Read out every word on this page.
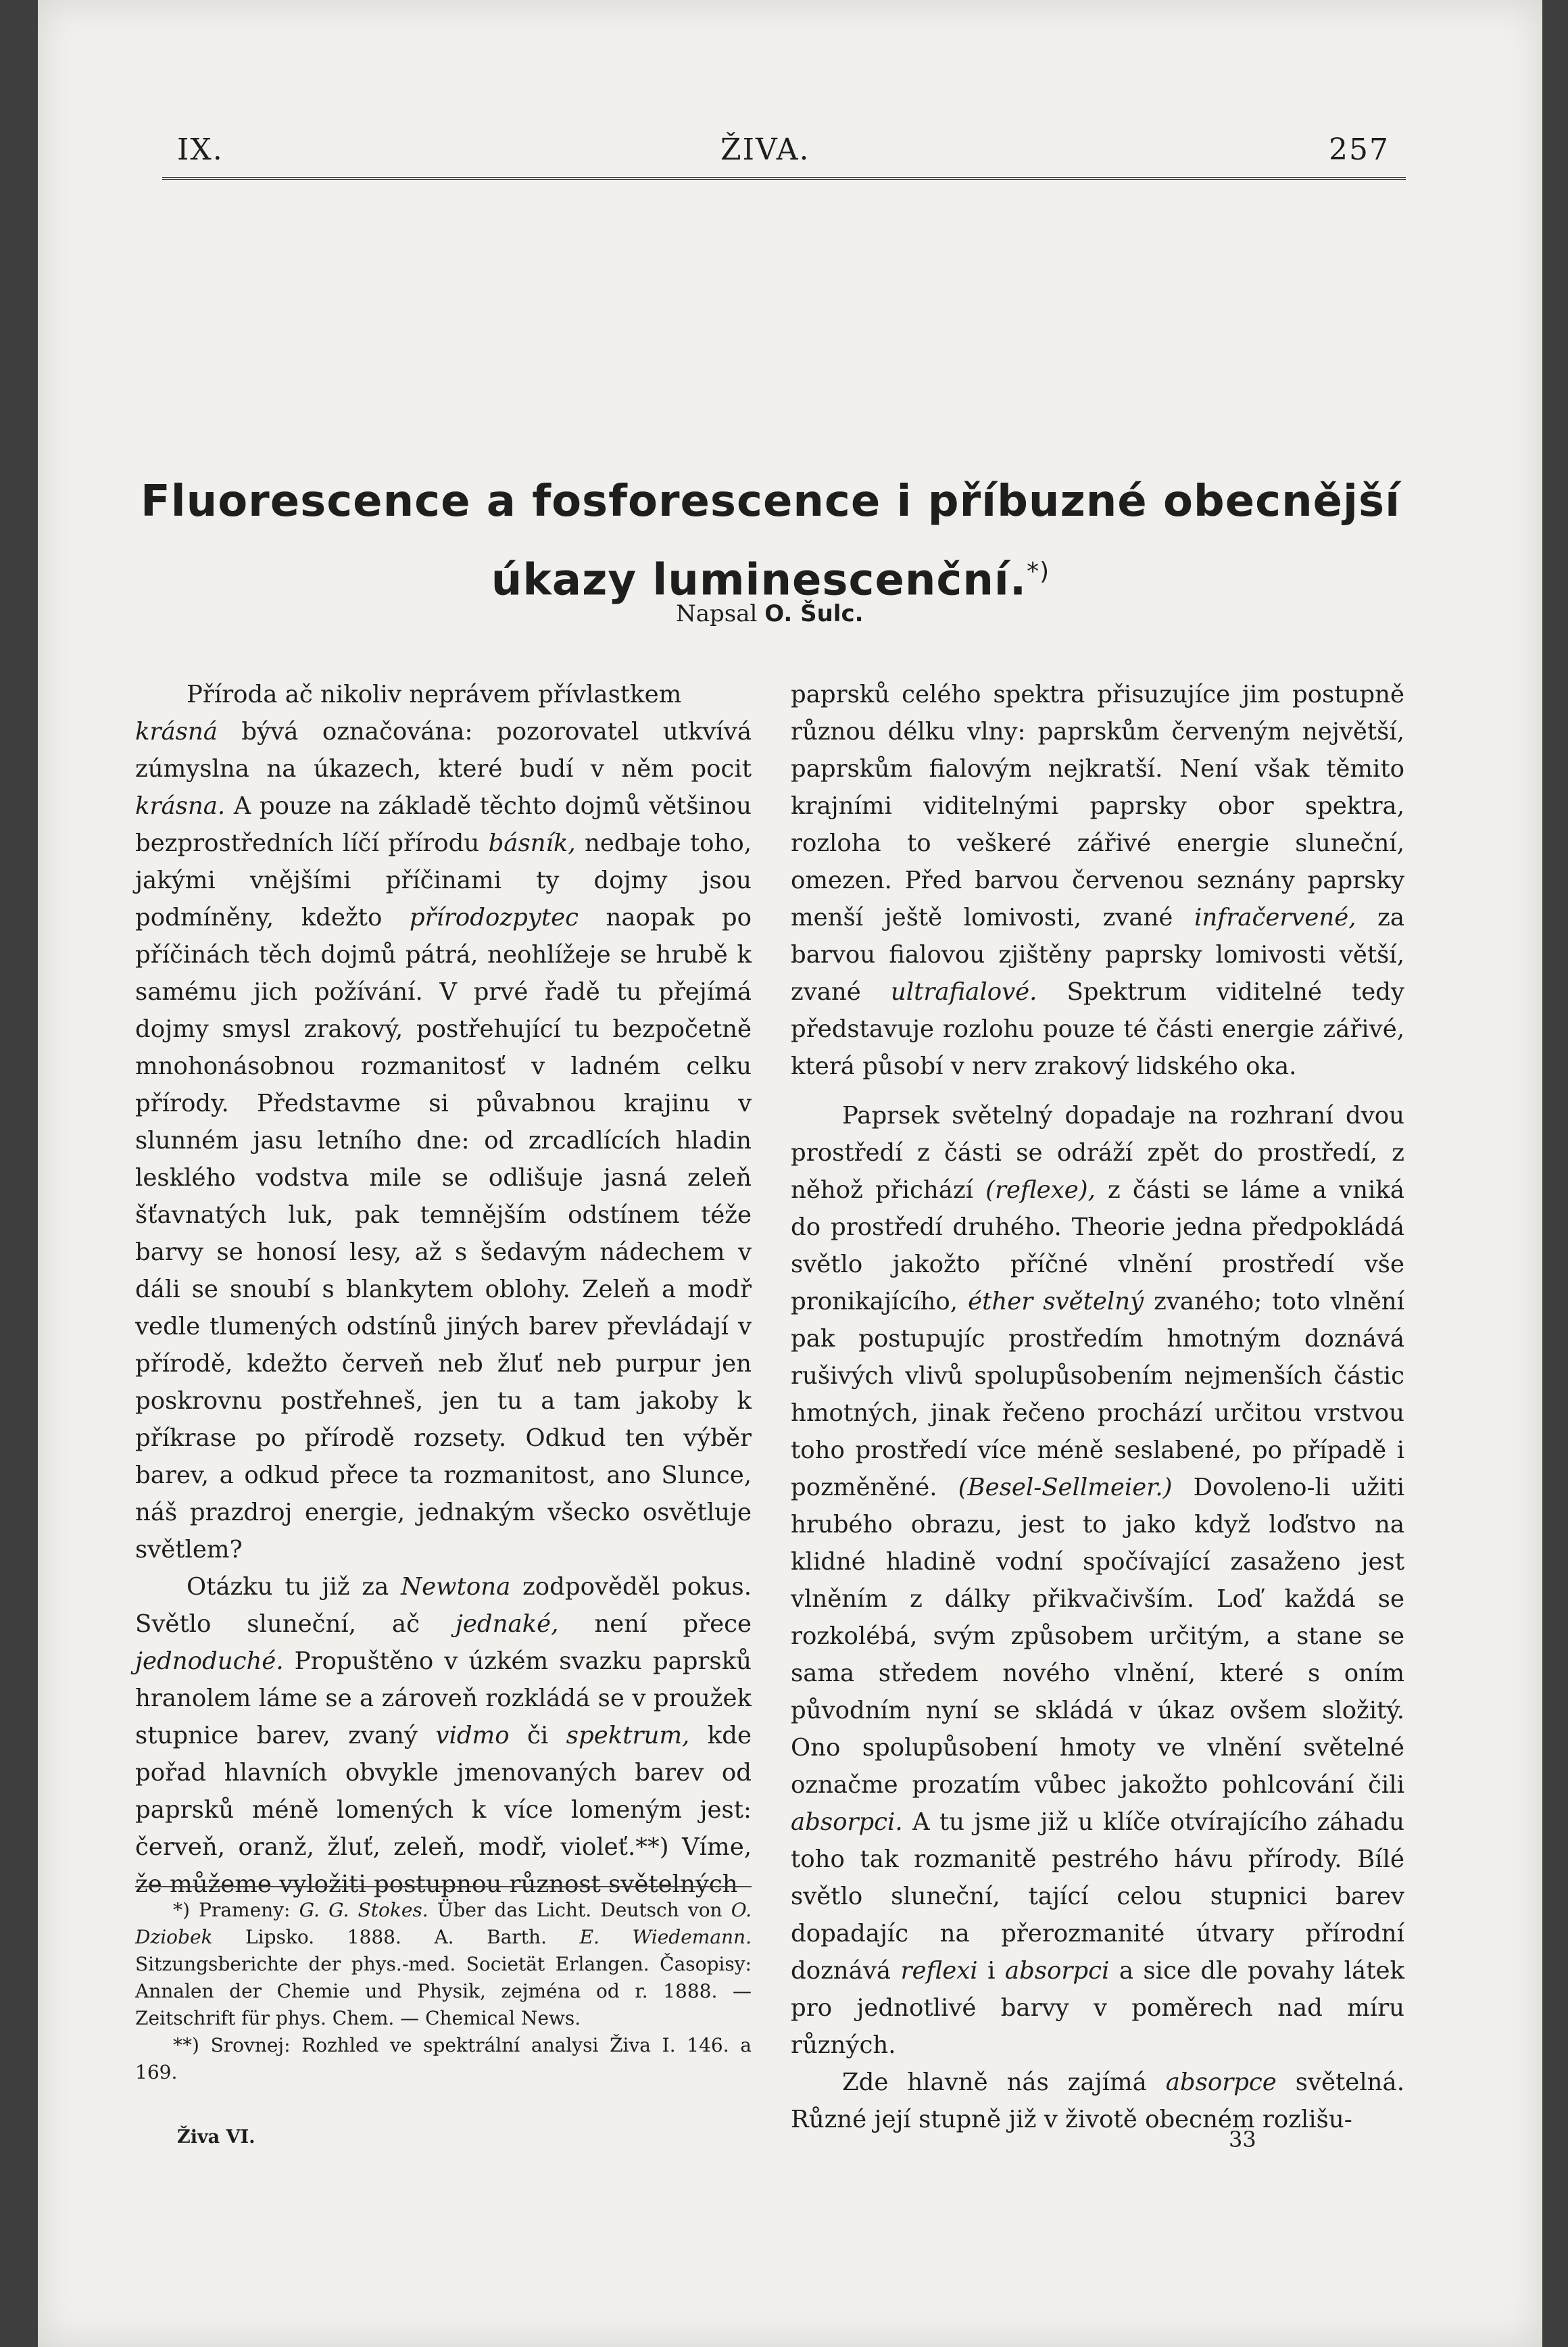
IX.	ŽIVA.	257
Fluorescence a fosforescence i příbuzné obecnější
úkazy luminescenční.*)
Napsal O. Šulc.

Příroda ač nikoliv neprávem přívlastkem
krásná bývá označována: pozorovatel utkvívá zúmyslna na úkazech, které budí v něm pocit krásna. A pouze na základě těchto dojmů většinou bezprostředních líčí přírodu básník, nedbaje toho, jakými vnějšími příčinami ty dojmy jsou podmíněny, kdežto přírodozpytec naopak po příčinách těch dojmů pátrá, neohlížeje se hrubě k samému jich požívání. V prvé řadě tu přejímá dojmy smysl zrakový, postřehující tu bezpočetně mnohonásobnou rozmanitosť v ladném celku přírody. Představme si půvabnou krajinu v slunném jasu letního dne: od zrcadlících hladin lesklého vodstva mile se odlišuje jasná zeleň šťavnatých luk, pak temnějším odstínem téže barvy se honosí lesy, až s šedavým nádechem v dáli se snoubí s blankytem oblohy. Zeleň a modř vedle tlumených odstínů jiných barev převládají v přírodě, kdežto červeň neb žluť neb purpur jen poskrovnu postřehneš, jen tu a tam jakoby k příkrase po přírodě rozsety. Odkud ten výběr barev, a odkud přece ta rozmanitost, ano Slunce, náš prazdroj energie, jednakým všecko osvětluje světlem?

Otázku tu již za Newtona zodpověděl pokus. Světlo sluneční, ač jednaké, není přece jednoduché. Propuštěno v úzkém svazku paprsků hranolem láme se a zároveň rozkládá se v proužek stupnice barev, zvaný vidmo či spektrum, kde pořad hlavních obvykle jmenovaných barev od paprsků méně lomených k více lomeným jest: červeň, oranž, žluť, zeleň, modř, violeť.**) Víme, že můžeme vyložiti postupnou různost světelných

*) Prameny: G. G. Stokes. Über das Licht. Deutsch von O. Dziobek Lipsko. 1888. A. Barth. E. Wiedemann. Sitzungsberichte der phys.-med. Societät Erlangen. Časopisy: Annalen der Chemie und Physik, zejména od r. 1888. — Zeitschrift für phys. Chem. — Chemical News.

**) Srovnej: Rozhled ve spektrální analysi Živa I. 146. a 169.

Živa VI.

paprsků celého spektra přisuzujíce jim postupně různou délku vlny: paprskům červeným největší, paprskům fialovým nejkratší. Není však těmito krajními viditelnými paprsky obor spektra, rozloha to veškeré zářivé energie sluneční, omezen. Před barvou červenou seznány paprsky menší ještě lomivosti, zvané infračervené, za barvou fialovou zjištěny paprsky lomivosti větší, zvané ultrafialové. Spektrum viditelné tedy představuje rozlohu pouze té části energie zářivé, která působí v nerv zrakový lidského oka.

Paprsek světelný dopadaje na rozhraní dvou prostředí z části se odráží zpět do prostředí, z něhož přichází (reflexe), z části se láme a vniká do prostředí druhého. Theorie jedna předpokládá světlo jakožto příčné vlnění prostředí vše pronikajícího, éther světelný zvaného; toto vlnění pak postupujíc prostředím hmotným doznává rušivých vlivů spolupůsobením nejmenších částic hmotných, jinak řečeno prochází určitou vrstvou toho prostředí více méně seslabené, po případě i pozměněné. (Besel-Sellmeier.) Dovoleno-li užiti hrubého obrazu, jest to jako když loďstvo na klidné hladině vodní spočívající zasaženo jest vlněním z dálky přikvačivším. Loď každá se rozkolébá, svým způsobem určitým, a stane se sama středem nového vlnění, které s oním původním nyní se skládá v úkaz ovšem složitý. Ono spolupůsobení hmoty ve vlnění světelné označme prozatím vůbec jakožto pohlcování čili absorpci. A tu jsme již u klíče otvírajícího záhadu toho tak rozmanitě pestrého hávu přírody. Bílé světlo sluneční, tající celou stupnici barev dopadajíc na přerozmanité útvary přírodní doznává reflexi i absorpci a sice dle povahy látek pro jednotlivé barvy v poměrech nad míru různých.

Zde hlavně nás zajímá absorpce světelná. Různé její stupně již v životě obecném rozlišu-

33
